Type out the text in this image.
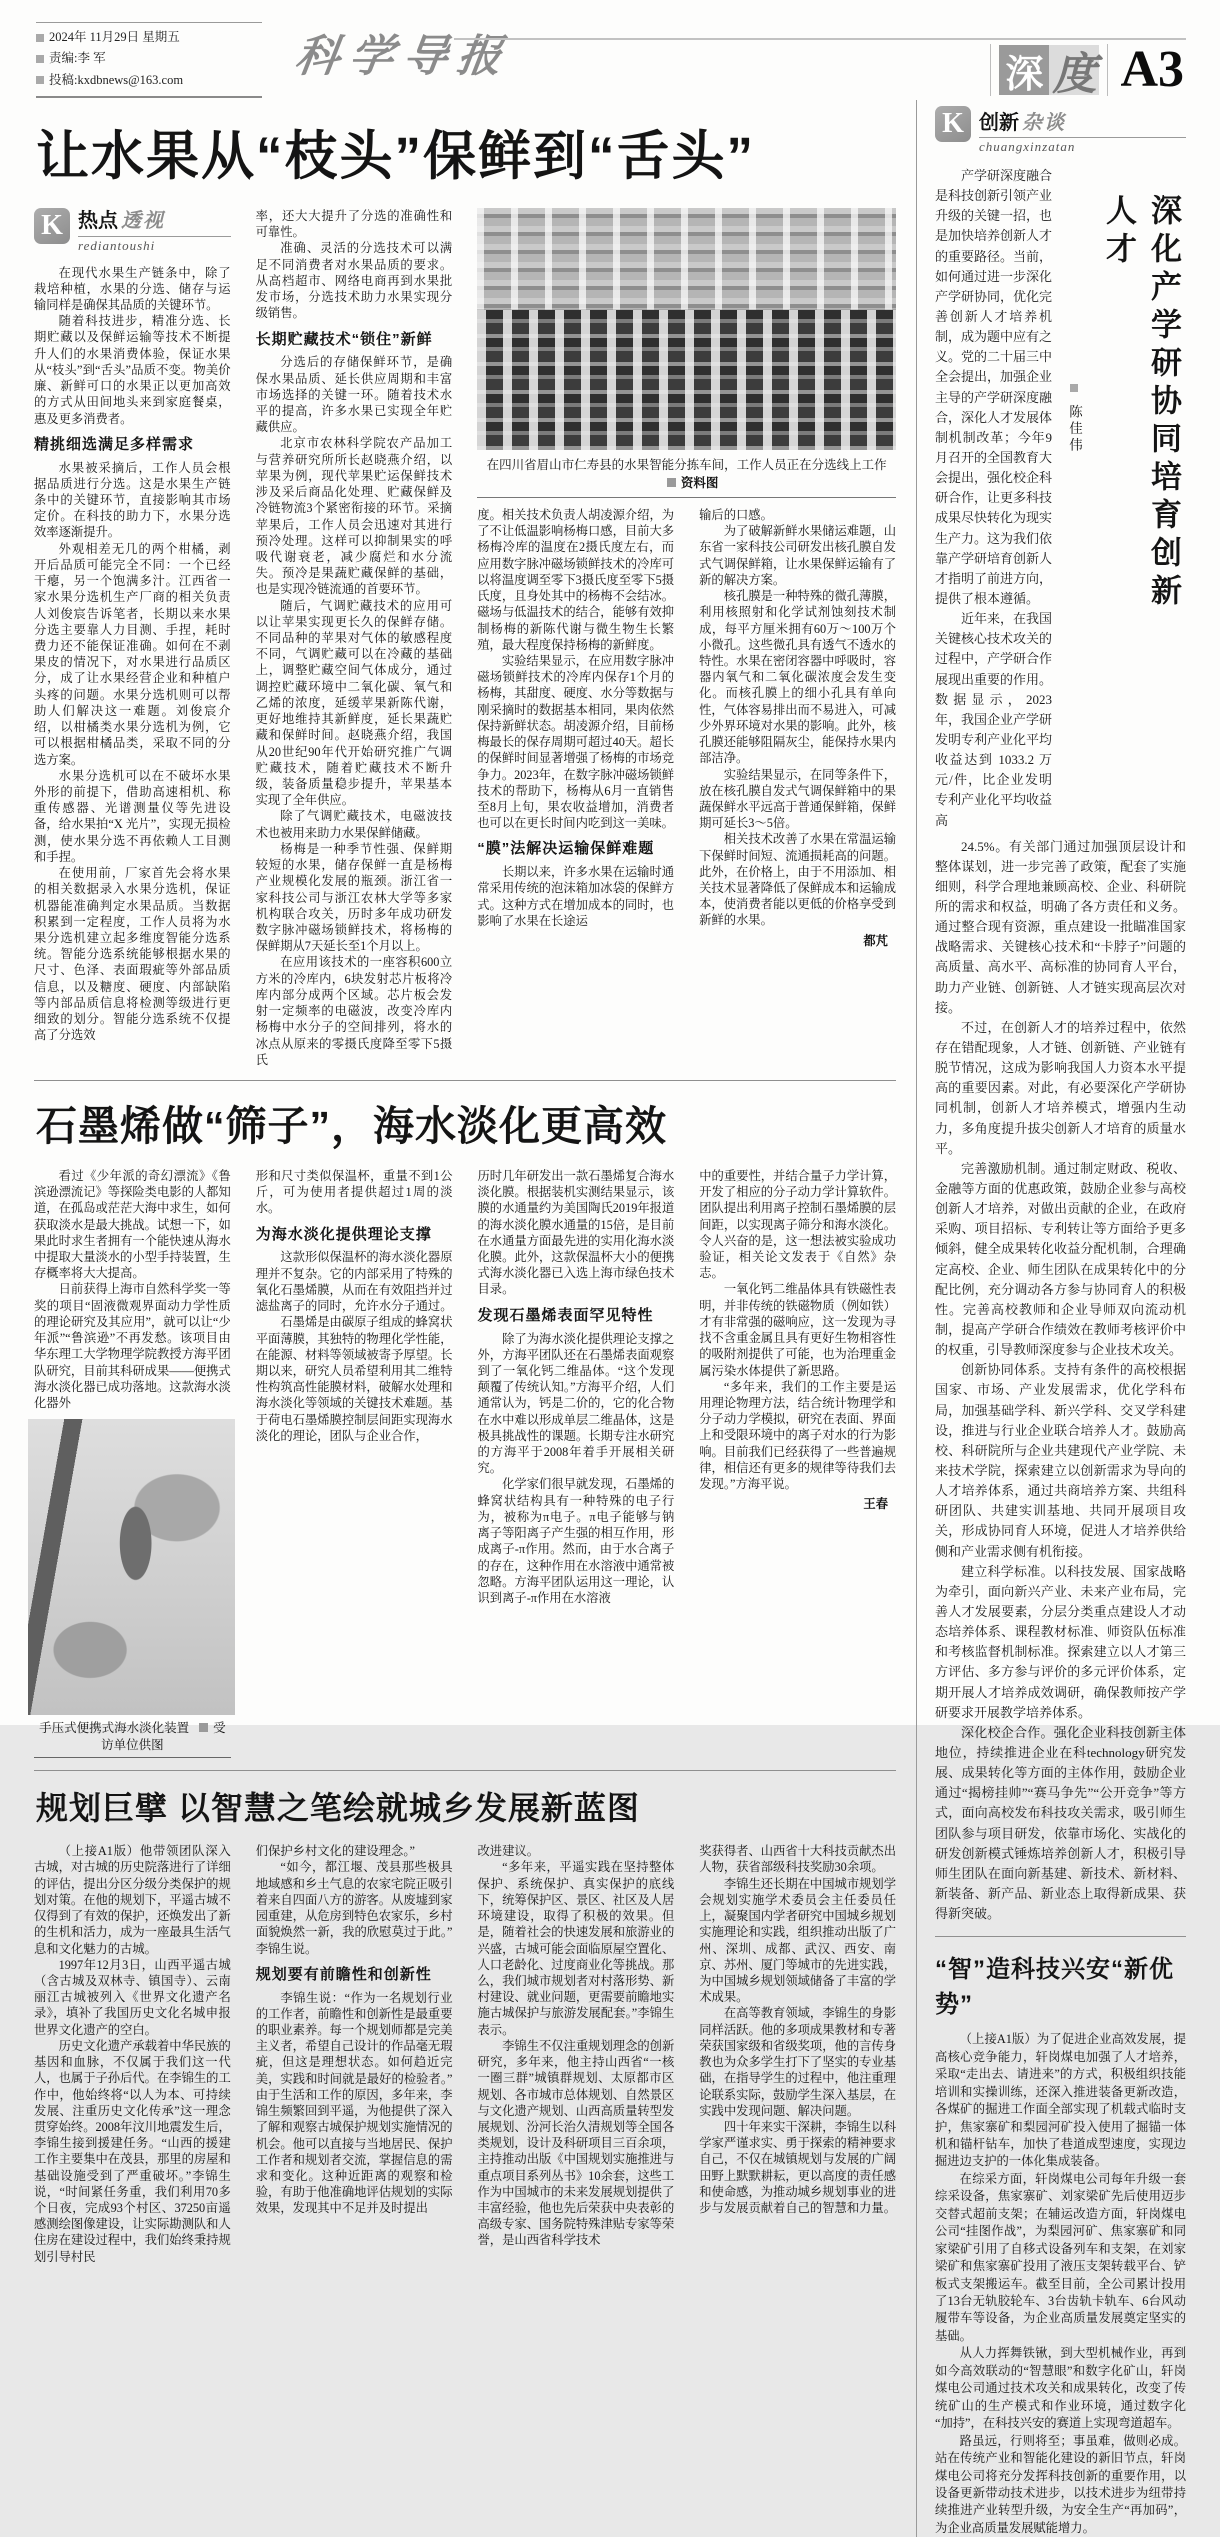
2024年 11月29日 星期五
责编:李 军
投稿:kxdbnews@163.com 科学导报	深 度 A3
让水果从“枝头”保鲜到“舌头”
K 热点 透视
rediantoushi

在现代水果生产链条中，除了栽培种植，水果的分选、储存与运输同样是确保其品质的关键环节。

随着科技进步，精准分选、长期贮藏以及保鲜运输等技术不断提升人们的水果消费体验，保证水果从“枝头”到“舌头”品质不变。物美价廉、新鲜可口的水果正以更加高效的方式从田间地头来到家庭餐桌，惠及更多消费者。

精挑细选满足多样需求

水果被采摘后，工作人员会根据品质进行分选。这是水果生产链条中的关键环节，直接影响其市场定价。在科技的助力下，水果分选效率逐渐提升。

外观相差无几的两个柑橘，剥开后品质可能完全不同：一个已经干瘪，另一个饱满多汁。江西省一家水果分选机生产厂商的相关负责人刘俊宸告诉笔者，长期以来水果分选主要靠人力目测、手捏，耗时费力还不能保证准确。如何在不剥果皮的情况下，对水果进行品质区分，成了让水果经营企业和种植户头疼的问题。水果分选机则可以帮助人们解决这一难题。刘俊宸介绍，以柑橘类水果分选机为例，它可以根据柑橘品类，采取不同的分选方案。

水果分选机可以在不破坏水果外形的前提下，借助高速相机、称重传感器、光谱测量仪等先进设备，给水果拍“X 光片”，实现无损检测，使水果分选不再依赖人工目测和手捏。

在使用前，厂家首先会将水果的相关数据录入水果分选机，保证机器能准确判定水果品质。当数据积累到一定程度，工作人员将为水果分选机建立起多维度智能分选系统。智能分选系统能够根据水果的尺寸、色泽、表面瑕疵等外部品质信息，以及糖度、硬度、内部缺陷等内部品质信息将检测等级进行更细致的划分。智能分选系统不仅提高了分选效

率，还大大提升了分选的准确性和可靠性。

准确、灵活的分选技术可以满足不同消费者对水果品质的要求。从高档超市、网络电商再到水果批发市场，分选技术助力水果实现分级销售。

长期贮藏技术“锁住”新鲜

分选后的存储保鲜环节，是确保水果品质、延长供应周期和丰富市场选择的关键一环。随着技术水平的提高，许多水果已实现全年贮藏供应。

北京市农林科学院农产品加工与营养研究所所长赵晓燕介绍，以苹果为例，现代苹果贮运保鲜技术涉及采后商品化处理、贮藏保鲜及冷链物流3个紧密衔接的环节。采摘苹果后，工作人员会迅速对其进行预冷处理。这样可以抑制果实的呼吸代谢衰老，减少腐烂和水分流失。预冷是果蔬贮藏保鲜的基础，也是实现冷链流通的首要环节。

随后，气调贮藏技术的应用可以让苹果实现更长久的保鲜存储。不同品种的苹果对气体的敏感程度不同，气调贮藏可以在冷藏的基础上，调整贮藏空间气体成分，通过调控贮藏环境中二氧化碳、氧气和乙烯的浓度，延缓苹果新陈代谢，更好地维持其新鲜度，延长果蔬贮藏和保鲜时间。赵晓燕介绍，我国从20世纪90年代开始研究推广气调贮藏技术，随着贮藏技术不断升级，装备质量稳步提升，苹果基本实现了全年供应。

除了气调贮藏技术，电磁波技术也被用来助力水果保鲜储藏。

杨梅是一种季节性强、保鲜期较短的水果，储存保鲜一直是杨梅产业规模化发展的瓶颈。浙江省一家科技公司与浙江农林大学等多家机构联合攻关，历时多年成功研发数字脉冲磁场锁鲜技术，将杨梅的保鲜期从7天延长至1个月以上。

在应用该技术的一座容积600立方米的冷库内，6块发射芯片板将冷库内部分成两个区域。芯片板会发射一定频率的电磁波，改变冷库内杨梅中水分子的空间排列，将水的冰点从原来的零摄氏度降至零下5摄氏

在四川省眉山市仁寿县的水果智能分拣车间，工作人员正在分选线上工作资料图

度。相关技术负责人胡凌源介绍，为了不让低温影响杨梅口感，目前大多杨梅冷库的温度在2摄氏度左右，而应用数字脉冲磁场锁鲜技术的冷库可以将温度调至零下3摄氏度至零下5摄氏度，且身处其中的杨梅不会结冰。磁场与低温技术的结合，能够有效抑制杨梅的新陈代谢与微生物生长繁殖，最大程度保持杨梅的新鲜度。

实验结果显示，在应用数字脉冲磁场锁鲜技术的冷库内保存1个月的杨梅，其甜度、硬度、水分等数据与刚采摘时的数据基本相同，果肉依然保持新鲜状态。胡凌源介绍，目前杨梅最长的保存周期可超过40天。超长的保鲜时间显著增强了杨梅的市场竞争力。2023年，在数字脉冲磁场锁鲜技术的帮助下，杨梅从6月一直销售至8月上旬，果农收益增加，消费者也可以在更长时间内吃到这一美味。

“膜”法解决运输保鲜难题

长期以来，许多水果在运输时通常采用传统的泡沫箱加冰袋的保鲜方式。这种方式在增加成本的同时，也影响了水果在长途运

输后的口感。

为了破解新鲜水果储运难题，山东省一家科技公司研发出核孔膜自发式气调保鲜箱，让水果保鲜运输有了新的解决方案。

核孔膜是一种特殊的微孔薄膜，利用核照射和化学试剂蚀刻技术制成，每平方厘米拥有60万～100万个小微孔。这些微孔具有透气不透水的特性。水果在密闭容器中呼吸时，容器内氧气和二氧化碳浓度会发生变化。而核孔膜上的细小孔具有单向性，气体容易排出而不易进入，可减少外界环境对水果的影响。此外，核孔膜还能够阻隔灰尘，能保持水果内部洁净。

实验结果显示，在同等条件下，放在核孔膜自发式气调保鲜箱中的果蔬保鲜水平远高于普通保鲜箱，保鲜期可延长3～5倍。

相关技术改善了水果在常温运输下保鲜时间短、流通损耗高的问题。此外，在价格上，由于不用添加、相关技术显著降低了保鲜成本和运输成本，使消费者能以更低的价格享受到新鲜的水果。

都芃

石墨烯做“筛子”，海水淡化更高效

看过《少年派的奇幻漂流》《鲁滨逊漂流记》等探险类电影的人都知道，在孤岛或茫茫大海中求生，如何获取淡水是最大挑战。试想一下，如果此时求生者拥有一个能快速从海水中提取大量淡水的小型手持装置，生存概率将大大提高。

日前获得上海市自然科学奖一等奖的项目“固液微观界面动力学性质的理论研究及其应用”，就可以让“少年派”“鲁滨逊”不再发愁。该项目由华东理工大学物理学院教授方海平团队研究，目前其科研成果——便携式海水淡化器已成功落地。这款海水淡化器外

手压式便携式海水淡化装置 受访单位供图

形和尺寸类似保温杯，重量不到1公斤，可为使用者提供超过1周的淡水。

为海水淡化提供理论支撑

这款形似保温杯的海水淡化器原理并不复杂。它的内部采用了特殊的氧化石墨烯膜，从而在有效阻挡并过滤盐离子的同时，允许水分子通过。

石墨烯是由碳原子组成的蜂窝状平面薄膜，其独特的物理化学性能，在能源、材料等领域被寄予厚望。长期以来，研究人员希望利用其二维特性构筑高性能膜材料，破解水处理和海水淡化等领域的关键技术难题。基于荷电石墨烯膜控制层间距实现海水淡化的理论，团队与企业合作，

历时几年研发出一款石墨烯复合海水淡化膜。根据装机实测结果显示，该膜的水通量约为美国陶氏2019年报道的海水淡化膜水通量的15倍，是目前在水通量方面最先进的实用化海水淡化膜。此外，这款保温杯大小的便携式海水淡化器已入选上海市绿色技术目录。

发现石墨烯表面罕见特性

除了为海水淡化提供理论支撑之外，方海平团队还在石墨烯表面观察到了一氧化钙二维晶体。“这个发现颠覆了传统认知。”方海平介绍，人们通常认为，钙是二价的，它的化合物在水中难以形成单层二维晶体，这是极具挑战性的课题。长期专注水研究的方海平于2008年着手开展相关研究。

化学家们很早就发现，石墨烯的蜂窝状结构具有一种特殊的电子行为，被称为π电子。π电子能够与钠离子等阳离子产生强的相互作用，形成离子-π作用。然而，由于水合离子的存在，这种作用在水溶液中通常被忽略。方海平团队运用这一理论，认识到离子-π作用在水溶液

中的重要性，并结合量子力学计算，开发了相应的分子动力学计算软件。团队提出利用离子控制石墨烯膜的层间距，以实现离子筛分和海水淡化。令人兴奋的是，这一想法被实验成功验证，相关论文发表于《自然》杂志。

一氧化钙二维晶体具有铁磁性表明，并非传统的铁磁物质（例如铁）才有非常强的磁响应，这一发现为寻找不含重金属且具有更好生物相容性的吸附剂提供了可能，也为治理重金属污染水体提供了新思路。

“多年来，我们的工作主要是运用理论物理方法，结合统计物理学和分子动力学模拟，研究在表面、界面上和受限环境中的离子对水的行为影响。目前我们已经获得了一些普遍规律，相信还有更多的规律等待我们去发现。”方海平说。

王春

规划巨擘 以智慧之笔绘就城乡发展新蓝图

（上接A1版）他带领团队深入古城，对古城的历史院落进行了详细的评估，提出分区分级分类保护的规划对策。在他的规划下，平遥古城不仅得到了有效的保护，还焕发出了新的生机和活力，成为一座最具生活气息和文化魅力的古城。

1997年12月3日，山西平遥古城（含古城及双林寺、镇国寺）、云南丽江古城被列入《世界文化遗产名录》，填补了我国历史文化名城申报世界文化遗产的空白。

历史文化遗产承载着中华民族的基因和血脉，不仅属于我们这一代人，也属于子孙后代。在李锦生的工作中，他始终将“以人为本、可持续发展、注重历史文化传承”这一理念贯穿始终。2008年汶川地震发生后，李锦生接到援建任务。“山西的援建工作主要集中在茂县，那里的房屋和基础设施受到了严重破坏。”李锦生说，“时间紧任务重，我们利用70多个日夜，完成93个村区、37250亩遥感测绘图像建设，让实际勘测队和人住房在建设过程中，我们始终秉持规划引导村民

们保护乡村文化的建设理念。”

“如今，都江堰、茂县那些极具地域感和乡土气息的农家宅院正吸引着来自四面八方的游客。从废墟到家园重建，从危房到特色农家乐，乡村面貌焕然一新，我的欣慰莫过于此。”李锦生说。

规划要有前瞻性和创新性

李锦生说：“作为一名规划行业的工作者，前瞻性和创新性是最重要的职业素养。每一个规划师都是完美主义者，希望自己设计的作品毫无瑕疵，但这是理想状态。如何趋近完美，实践和时间就是最好的检验者。”由于生活和工作的原因，多年来，李锦生频繁回到平遥，为他提供了深入了解和观察古城保护规划实施情况的机会。他可以直接与当地居民、保护工作者和规划者交流，掌握信息的需求和变化。这种近距离的观察和检验，有助于他准确地评估规划的实际效果，发现其中不足并及时提出

改进建议。

“多年来，平遥实践在坚持整体保护、系统保护、真实保护的底线下，统筹保护区、景区、社区及人居环境建设，取得了积极的效果。但是，随着社会的快速发展和旅游业的兴盛，古城可能会面临原屋空置化、人口老龄化、过度商业化等挑战。那么，我们城市规划者对村落形势、新村建设、就业问题，更需要前瞻地实施古城保护与旅游发展配套。”李锦生表示。

李锦生不仅注重规划理念的创新研究，多年来，他主持山西省“一核一圈三群”城镇群规划、太原都市区规划、各市城市总体规划、自然景区与文化遗产规划、山西高质量转型发展规划、汾河长治久清规划等全国各类规划，设计及科研项目三百余项，主持推动出版《中国规划实施推进与重点项目系列丛书》10余套，这些工作为中国城市的未来发展规划提供了丰富经验，他也先后荣获中央表彰的高级专家、国务院特殊津贴专家等荣誉，是山西省科学技术

奖获得者、山西省十大科技贡献杰出人物，获省部级科技奖励30余项。

李锦生还长期在中国城市规划学会规划实施学术委员会主任委员任上，凝聚国内学者研究中国城乡规划实施理论和实践，组织推动出版了广州、深圳、成都、武汉、西安、南京、苏州、厦门等城市的先进实践，为中国城乡规划领域储备了丰富的学术成果。

在高等教育领域，李锦生的身影同样活跃。他的多项成果教材和专著荣获国家级和省级奖项，他的言传身教也为众多学生打下了坚实的专业基础，在指导学生的过程中，他注重理论联系实际，鼓励学生深入基层，在实践中发现问题、解决问题。

四十年来实干深耕，李锦生以科学家严谨求实、勇于探索的精神要求自己，不仅在城镇规划与发展的广阔田野上默默耕耘，更以高度的责任感和使命感，为推动城乡规划事业的进步与发展贡献着自己的智慧和力量。

K 创新 杂谈
chuangxinzatan

产学研深度融合是科技创新引领产业升级的关键一招，也是加快培养创新人才的重要路径。当前，如何通过进一步深化产学研协同，优化完善创新人才培养机制，成为题中应有之义。党的二十届三中全会提出，加强企业主导的产学研深度融合，深化人才发展体制机制改革；今年9月召开的全国教育大会提出，强化校企科研合作，让更多科技成果尽快转化为现实生产力。这为我们依靠产学研培育创新人才指明了前进方向，提供了根本遵循。

近年来，在我国关键核心技术攻关的过程中，产学研合作展现出重要的作用。数据显示，2023 年，我国企业产学研发明专利产业化平均收益达到 1033.2 万元/件，比企业发明专利产业化平均收益高

陈佳伟	深化产学研协同培育创新人才

24.5%。有关部门通过加强顶层设计和整体谋划，进一步完善了政策，配套了实施细则，科学合理地兼顾高校、企业、科研院所的需求和权益，明确了各方责任和义务。通过整合现有资源，重点建设一批瞄准国家战略需求、关键核心技术和“卡脖子”问题的高质量、高水平、高标准的协同育人平台，助力产业链、创新链、人才链实现高层次对接。

不过，在创新人才的培养过程中，依然存在错配现象，人才链、创新链、产业链有脱节情况，这成为影响我国人力资本水平提高的重要因素。对此，有必要深化产学研协同机制，创新人才培养模式，增强内生动力，多角度提升拔尖创新人才培育的质量水平。

完善激励机制。通过制定财政、税收、金融等方面的优惠政策，鼓励企业参与高校创新人才培养，对做出贡献的企业，在政府采购、项目招标、专利转让等方面给予更多倾斜，健全成果转化收益分配机制，合理确定高校、企业、师生团队在成果转化中的分配比例，充分调动各方参与协同育人的积极性。完善高校教师和企业导师双向流动机制，提高产学研合作绩效在教师考核评价中的权重，引导教师深度参与企业技术攻关。

创新协同体系。支持有条件的高校根据国家、市场、产业发展需求，优化学科布局，加强基础学科、新兴学科、交叉学科建设，推进与行业企业联合培养人才。鼓励高校、科研院所与企业共建现代产业学院、未来技术学院，探索建立以创新需求为导向的人才培养体系，通过共商培养方案、共组科研团队、共建实训基地、共同开展项目攻关，形成协同育人环境，促进人才培养供给侧和产业需求侧有机衔接。

建立科学标准。以科技发展、国家战略为牵引，面向新兴产业、未来产业布局，完善人才发展要素，分层分类重点建设人才动态培养体系、课程教材标准、师资队伍标准和考核监督机制标准。探索建立以人才第三方评估、多方参与评价的多元评价体系，定期开展人才培养成效调研，确保教师按产学研要求开展教学培养体系。

深化校企合作。强化企业科技创新主体地位，持续推进企业在科technology研究发展、成果转化等方面的主体作用，鼓励企业通过“揭榜挂帅”“赛马争先”“公开竞争”等方式，面向高校发布科技攻关需求，吸引师生团队参与项目研发，依靠市场化、实战化的研发创新模式锤炼培养创新人才，积极引导师生团队在面向新基建、新技术、新材料、新装备、新产品、新业态上取得新成果、获得新突破。

“智”造科技兴安“新优势”

（上接A1版）为了促进企业高效发展，提高核心竞争能力，轩岗煤电加强了人才培养，采取“走出去、请进来”的方式，积极组织技能培训和实操训练，还深入推进装备更新改造，各煤矿的掘进工作面全部实现了机载式临时支护，焦家寨矿和梨园河矿投入使用了掘锚一体机和锚杆钻车，加快了巷道成型速度，实现边掘进边支护的一体化集成装备。

在综采方面，轩岗煤电公司每年升级一套综采设备，焦家寨矿、刘家梁矿先后使用迈步交替式超前支架；在辅运改造方面，轩岗煤电公司“挂图作战”，为梨园河矿、焦家寨矿和同家梁矿引用了自移式设备列车和支架，在刘家梁矿和焦家寨矿投用了液压支架转载平台、铲板式支架搬运车。截至目前，全公司累计投用了13台无轨胶轮车、3台齿轨卡轨车、6台风动履带车等设备，为企业高质量发展奠定坚实的基础。

从人力挥舞铁锹，到大型机械作业，再到如今高效联动的“智慧眼”和数字化矿山，轩岗煤电公司通过技术攻关和成果转化，改变了传统矿山的生产模式和作业环境，通过数字化“加持”，在科技兴安的赛道上实现弯道超车。

路虽远，行则将至；事虽难，做则必成。站在传统产业和智能化建设的新旧节点，轩岗煤电公司将充分发挥科技创新的重要作用，以设备更新带动技术进步，以技术进步为纽带持续推进产业转型升级，为安全生产“再加码”，为企业高质量发展赋能增力。
